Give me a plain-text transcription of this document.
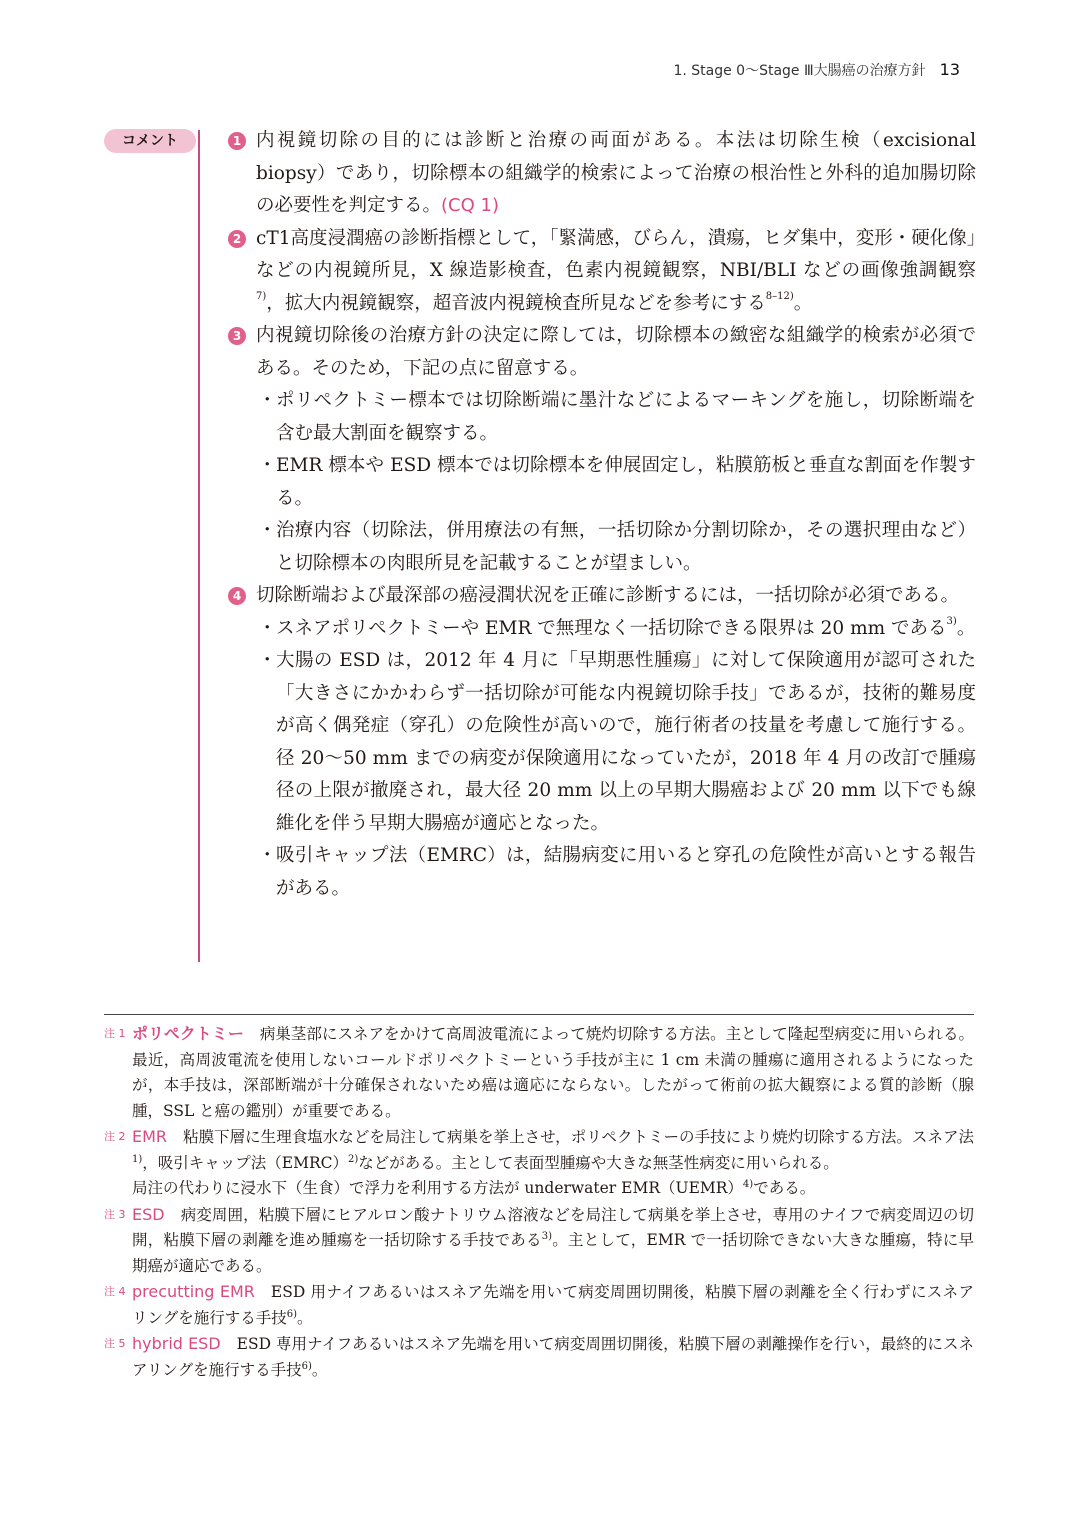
1. Stage 0～Stage Ⅲ大腸癌の治療方針 13
コメント	1 内視鏡切除の目的には診断と治療の両面がある。本法は切除生検（excisional biopsy）であり，切除標本の組織学的検索によって治療の根治性と外科的追加腸切除の必要性を判定する。(CQ 1)
2 cT1高度浸潤癌の診断指標として，「緊満感，びらん，潰瘍，ヒダ集中，変形・硬化像」などの内視鏡所見，X 線造影検査，色素内視鏡観察，NBI/BLI などの画像強調観察$^{7)}$，拡大内視鏡観察，超音波内視鏡検査所見などを参考にする$^{8-12)}$。
3 内視鏡切除後の治療方針の決定に際しては，切除標本の緻密な組織学的検索が必須である。そのため，下記の点に留意する。
・ ポリペクトミー標本では切除断端に墨汁などによるマーキングを施し，切除断端を含む最大割面を観察する。
・ EMR 標本や ESD 標本では切除標本を伸展固定し，粘膜筋板と垂直な割面を作製する。
・ 治療内容（切除法，併用療法の有無，一括切除か分割切除か，その選択理由など）と切除標本の肉眼所見を記載することが望ましい。
4 切除断端および最深部の癌浸潤状況を正確に診断するには，一括切除が必須である。
・ スネアポリペクトミーや EMR で無理なく一括切除できる限界は 20 mm である$^{3)}$。
・ 大腸の ESD は，2012 年 4 月に「早期悪性腫瘍」に対して保険適用が認可された「大きさにかかわらず一括切除が可能な内視鏡切除手技」であるが，技術的難易度が高く偶発症（穿孔）の危険性が高いので，施行術者の技量を考慮して施行する。径 20〜50 mm までの病変が保険適用になっていたが，2018 年 4 月の改訂で腫瘍径の上限が撤廃され，最大径 20 mm 以上の早期大腸癌および 20 mm 以下でも線維化を伴う早期大腸癌が適応となった。
・ 吸引キャップ法（EMRC）は，結腸病変に用いると穿孔の危険性が高いとする報告がある。
注 1 ポリペクトミー 病巣茎部にスネアをかけて高周波電流によって焼灼切除する方法。主として隆起型病変に用いられる。最近，高周波電流を使用しないコールドポリペクトミーという手技が主に 1 cm 未満の腫瘍に適用されるようになったが，本手技は，深部断端が十分確保されないため癌は適応にならない。したがって術前の拡大観察による質的診断（腺腫，SSL と癌の鑑別）が重要である。
注 2 EMR 粘膜下層に生理食塩水などを局注して病巣を挙上させ，ポリペクトミーの手技により焼灼切除する方法。スネア法$^{1)}$，吸引キャップ法（EMRC）$^{2)}$などがある。主として表面型腫瘍や大きな無茎性病変に用いられる。
局注の代わりに浸水下（生食）で浮力を利用する方法が underwater EMR（UEMR）$^{4)}$である。
注 3 ESD 病変周囲，粘膜下層にヒアルロン酸ナトリウム溶液などを局注して病巣を挙上させ，専用のナイフで病変周辺の切開，粘膜下層の剥離を進め腫瘍を一括切除する手技である$^{3)}$。主として，EMR で一括切除できない大きな腫瘍，特に早期癌が適応である。
注 4 precutting EMR ESD 用ナイフあるいはスネア先端を用いて病変周囲切開後，粘膜下層の剥離を全く行わずにスネアリングを施行する手技$^{6)}$。
注 5 hybrid ESD ESD 専用ナイフあるいはスネア先端を用いて病変周囲切開後，粘膜下層の剥離操作を行い，最終的にスネアリングを施行する手技$^{6)}$。
